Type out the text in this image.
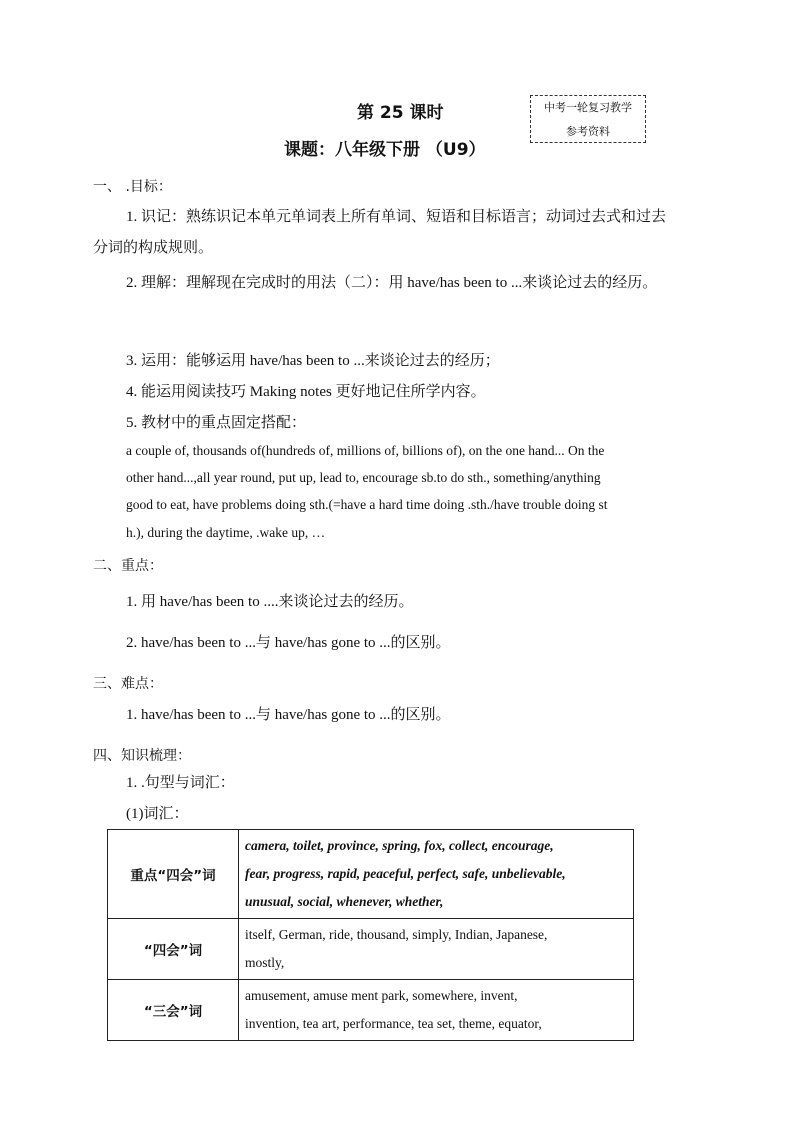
第 25 课时
课题：八年级下册 （U9）
中考一轮复习教学
参考资料
一、 .目标：
1. 识记：熟练识记本单元单词表上所有单词、短语和目标语言；动词过去式和过去
分词的构成规则。
2. 理解：理解现在完成时的用法（二）：用 have/has been to ...来谈论过去的经历。
3. 运用：能够运用 have/has been to ...来谈论过去的经历；
4. 能运用阅读技巧 Making notes 更好地记住所学内容。
5. 教材中的重点固定搭配：
a couple of, thousands of(hundreds of, millions of, billions of), on the one hand... On the
other hand...,all year round, put up, lead to, encourage sb.to do sth., something/anything
good to eat, have problems doing sth.(=have a hard time doing .sth./have trouble doing st
h.), during the daytime, .wake up, …
二、重点：
1. 用 have/has been to ....来谈论过去的经历。
2. have/has been to ...与 have/has gone to ...的区别。
三、难点：
1. have/has been to ...与 have/has gone to ...的区别。
四、知识梳理：
1. .句型与词汇：
(1)词汇：
重点“四会”词	camera, toilet, province, spring, fox, collect, encourage,
fear, progress, rapid, peaceful, perfect, safe, unbelievable,
unusual, social, whenever, whether,

“四会”词	itself, German, ride, thousand, simply, Indian, Japanese,
mostly,

“三会”词	amusement, amuse ment park, somewhere, invent,
invention, tea art, performance, tea set, theme, equator,
